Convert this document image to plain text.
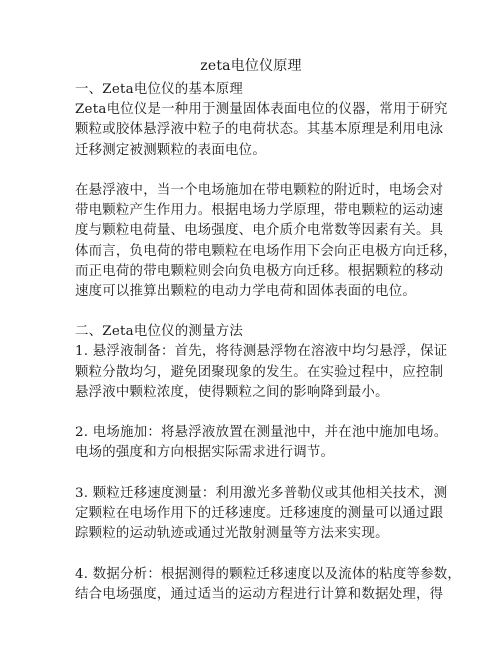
zeta电位仪原理
一、Zeta电位仪的基本原理
Zeta电位仪是一种用于测量固体表面电位的仪器，常用于研究
颗粒或胶体悬浮液中粒子的电荷状态。其基本原理是利用电泳
迁移测定被测颗粒的表面电位。
在悬浮液中，当一个电场施加在带电颗粒的附近时，电场会对
带电颗粒产生作用力。根据电场力学原理，带电颗粒的运动速
度与颗粒电荷量、电场强度、电介质介电常数等因素有关。具
体而言，负电荷的带电颗粒在电场作用下会向正电极方向迁移，
而正电荷的带电颗粒则会向负电极方向迁移。根据颗粒的移动
速度可以推算出颗粒的电动力学电荷和固体表面的电位。
二、Zeta电位仪的测量方法
1. 悬浮液制备：首先，将待测悬浮物在溶液中均匀悬浮，保证
颗粒分散均匀，避免团聚现象的发生。在实验过程中，应控制
悬浮液中颗粒浓度，使得颗粒之间的影响降到最小。
2. 电场施加：将悬浮液放置在测量池中，并在池中施加电场。
电场的强度和方向根据实际需求进行调节。
3. 颗粒迁移速度测量：利用激光多普勒仪或其他相关技术，测
定颗粒在电场作用下的迁移速度。迁移速度的测量可以通过跟
踪颗粒的运动轨迹或通过光散射测量等方法来实现。
4. 数据分析：根据测得的颗粒迁移速度以及流体的粘度等参数，
结合电场强度，通过适当的运动方程进行计算和数据处理，得
